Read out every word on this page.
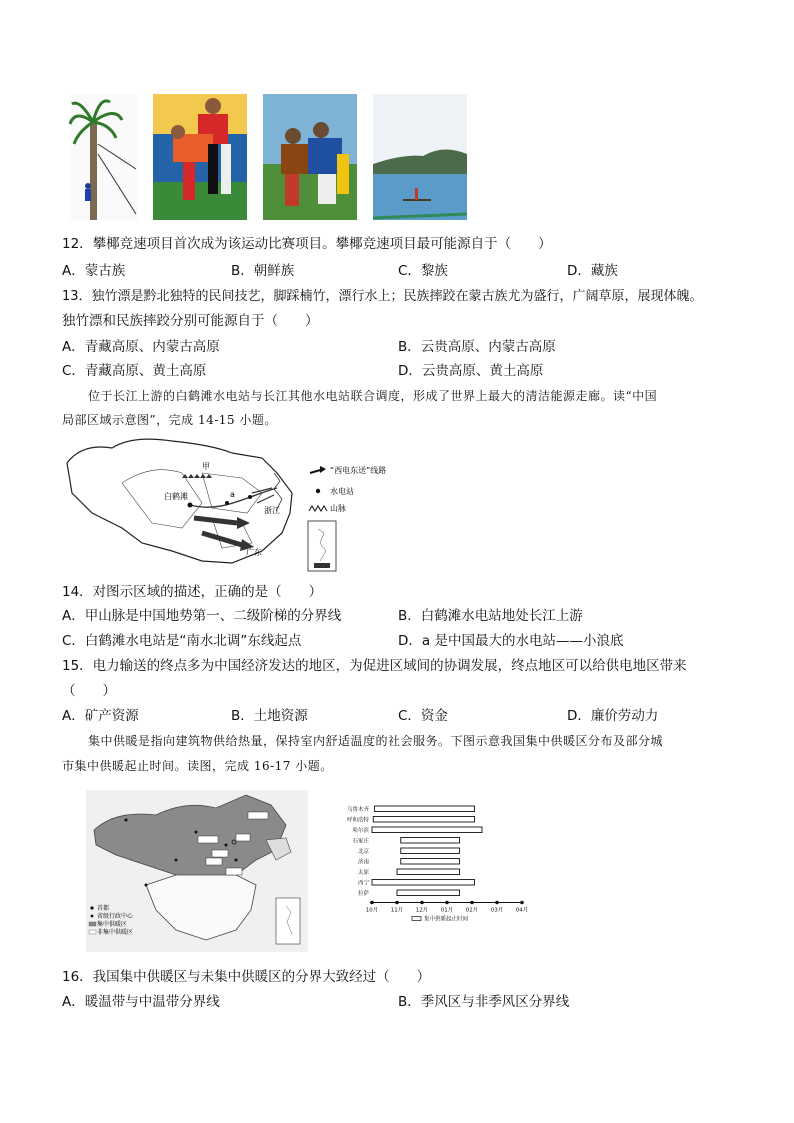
12．攀椰竞速项目首次成为该运动比赛项目。攀椰竞速项目最可能源自于（　　）
A．蒙古族	B．朝鲜族	C．黎族	D．藏族
13．独竹漂是黔北独特的民间技艺，脚踩楠竹，漂行水上；民族摔跤在蒙古族尤为盛行，广阔草原，展现体魄。
独竹漂和民族摔跤分别可能源自于（　　）
A．青藏高原、内蒙古高原	B．云贵高原、内蒙古高原
C．青藏高原、黄土高原	D．云贵高原、黄土高原
位于长江上游的白鹤滩水电站与长江其他水电站联合调度，形成了世界上最大的清洁能源走廊。读“中国
局部区域示意图”，完成 14-15 小题。
甲
白鹤滩	a
浙江
广东
“西电东送”线路
水电站
山脉
14．对图示区域的描述，正确的是（　　）
A．甲山脉是中国地势第一、二级阶梯的分界线	B．白鹤滩水电站地处长江上游
C．白鹤滩水电站是“南水北调”东线起点	D．a 是中国最大的水电站——小浪底
15．电力输送的终点多为中国经济发达的地区，为促进区域间的协调发展，终点地区可以给供电地区带来
（　　）
A．矿产资源	B．土地资源	C．资金	D．廉价劳动力
集中供暖是指向建筑物供给热量，保持室内舒适温度的社会服务。下图示意我国集中供暖区分布及部分城
市集中供暖起止时间。读图，完成 16-17 小题。
首都
省级行政中心
集中供暖区
非集中供暖区
乌鲁木齐
呼和浩特
哈尔滨
石家庄
北京
济南
太原
西宁
拉萨
10月 11月 12月 01月 02月 03月 04月
集中供暖起止时间
16．我国集中供暖区与未集中供暖区的分界大致经过（　　）
A．暖温带与中温带分界线	B．季风区与非季风区分界线
